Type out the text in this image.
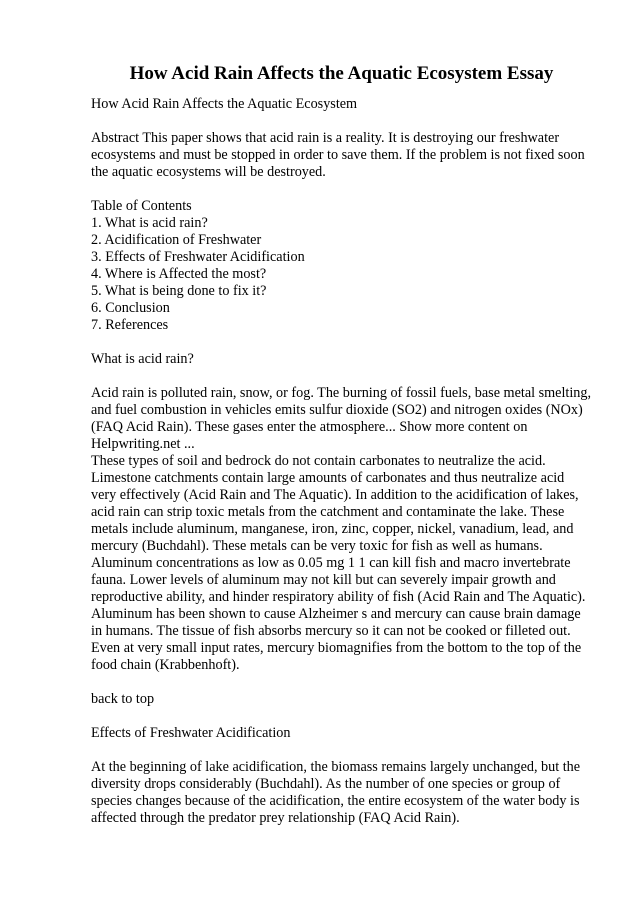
How Acid Rain Affects the Aquatic Ecosystem Essay

How Acid Rain Affects the Aquatic Ecosystem

Abstract This paper shows that acid rain is a reality. It is destroying our freshwater ecosystems and must be stopped in order to save them. If the problem is not fixed soon the aquatic ecosystems will be destroyed.

Table of Contents

1. What is acid rain?
2. Acidification of Freshwater
3. Effects of Freshwater Acidification
4. Where is Affected the most?
5. What is being done to fix it?
6. Conclusion
7. References

What is acid rain?

Acid rain is polluted rain, snow, or fog. The burning of fossil fuels, base metal smelting, and fuel combustion in vehicles emits sulfur dioxide (SO2) and nitrogen oxides (NOx) (FAQ Acid Rain). These gases enter the atmosphere... Show more content on Helpwriting.net ...

These types of soil and bedrock do not contain carbonates to neutralize the acid. Limestone catchments contain large amounts of carbonates and thus neutralize acid very effectively (Acid Rain and The Aquatic). In addition to the acidification of lakes, acid rain can strip toxic metals from the catchment and contaminate the lake. These metals include aluminum, manganese, iron, zinc, copper, nickel, vanadium, lead, and mercury (Buchdahl). These metals can be very toxic for fish as well as humans. Aluminum concentrations as low as 0.05 mg 1 1 can kill fish and macro invertebrate fauna. Lower levels of aluminum may not kill but can severely impair growth and reproductive ability, and hinder respiratory ability of fish (Acid Rain and The Aquatic). Aluminum has been shown to cause Alzheimer s and mercury can cause brain damage in humans. The tissue of fish absorbs mercury so it can not be cooked or filleted out. Even at very small input rates, mercury biomagnifies from the bottom to the top of the food chain (Krabbenhoft).

back to top

Effects of Freshwater Acidification

At the beginning of lake acidification, the biomass remains largely unchanged, but the diversity drops considerably (Buchdahl). As the number of one species or group of species changes because of the acidification, the entire ecosystem of the water body is affected through the predator prey relationship (FAQ Acid Rain).
